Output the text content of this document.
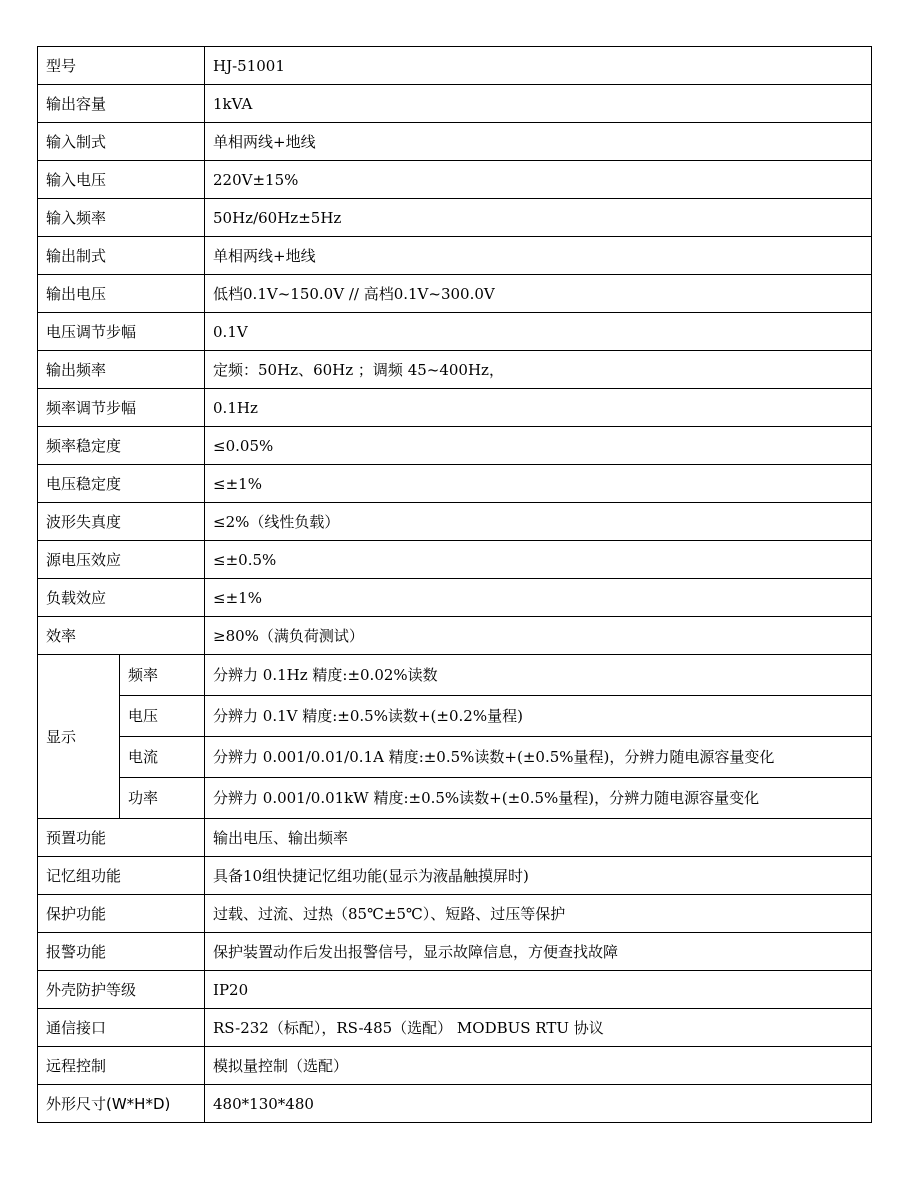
型号		HJ-51001
输出容量		1kVA
输入制式		单相两线+地线
输入电压		220V±15%
输入频率		50Hz/60Hz±5Hz
输出制式		单相两线+地线
输出电压		低档0.1V~150.0V // 高档0.1V~300.0V
电压调节步幅		0.1V
输出频率		定频：50Hz、60Hz ；调频 45~400Hz，
频率调节步幅		0.1Hz
频率稳定度		≤0.05%
电压稳定度		≤±1%
波形失真度		≤2%（线性负载）
源电压效应		≤±0.5%
负载效应		≤±1%
效率		≥80%（满负荷测试）
显示	频率	分辨力 0.1Hz 精度:±0.02%读数
	电压	分辨力 0.1V 精度:±0.5%读数+(±0.2%量程)
	电流	分辨力 0.001/0.01/0.1A 精度:±0.5%读数+(±0.5%量程)，分辨力随电源容量变化
	功率	分辨力 0.001/0.01kW 精度:±0.5%读数+(±0.5%量程)，分辨力随电源容量变化
预置功能		输出电压、输出频率
记忆组功能		具备10组快捷记忆组功能(显示为液晶触摸屏时)
保护功能		过载、过流、过热（85℃±5℃）、短路、过压等保护
报警功能		保护装置动作后发出报警信号，显示故障信息，方便查找故障
外壳防护等级		IP20
通信接口		RS-232（标配），RS-485（选配） MODBUS RTU 协议
远程控制		模拟量控制（选配）
外形尺寸(W*H*D)		480*130*480
